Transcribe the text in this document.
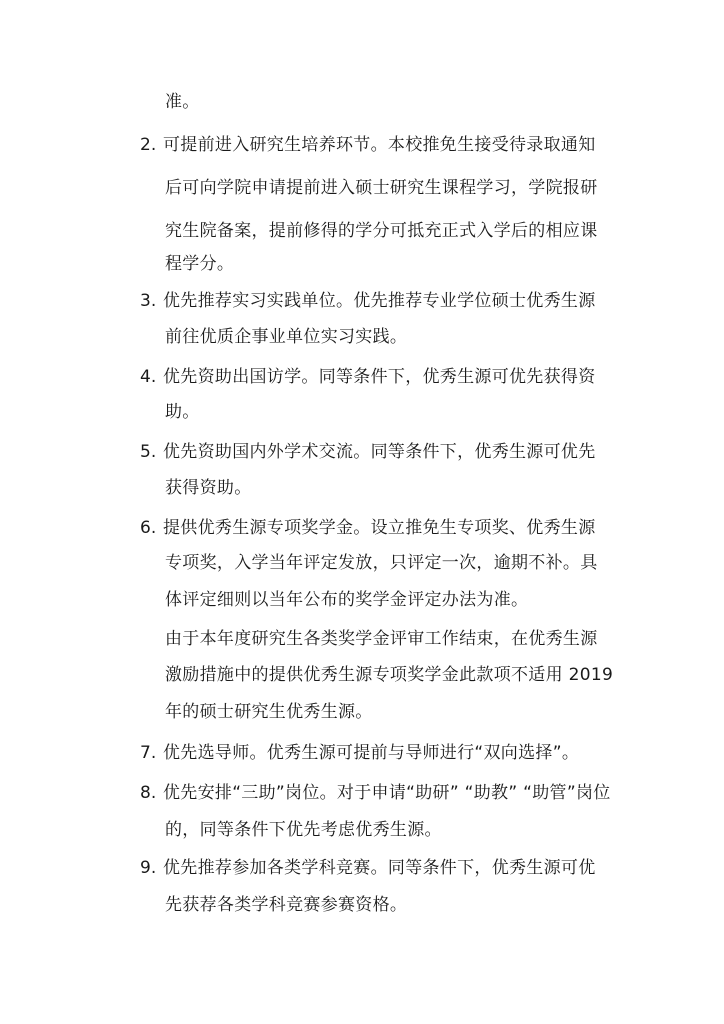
准。
2. 可提前进入研究生培养环节。本校推免生接受待录取通知
后可向学院申请提前进入硕士研究生课程学习，学院报研
究生院备案，提前修得的学分可抵充正式入学后的相应课
程学分。
3. 优先推荐实习实践单位。优先推荐专业学位硕士优秀生源
前往优质企事业单位实习实践。
4. 优先资助出国访学。同等条件下，优秀生源可优先获得资
助。
5. 优先资助国内外学术交流。同等条件下，优秀生源可优先
获得资助。
6. 提供优秀生源专项奖学金。设立推免生专项奖、优秀生源
专项奖，入学当年评定发放，只评定一次，逾期不补。具
体评定细则以当年公布的奖学金评定办法为准。
由于本年度研究生各类奖学金评审工作结束，在优秀生源
激励措施中的提供优秀生源专项奖学金此款项不适用 2019
年的硕士研究生优秀生源。
7. 优先选导师。优秀生源可提前与导师进行“双向选择”。
8. 优先安排“三助”岗位。对于申请“助研” “助教” “助管”岗位
的，同等条件下优先考虑优秀生源。
9. 优先推荐参加各类学科竞赛。同等条件下，优秀生源可优
先获荐各类学科竞赛参赛资格。
